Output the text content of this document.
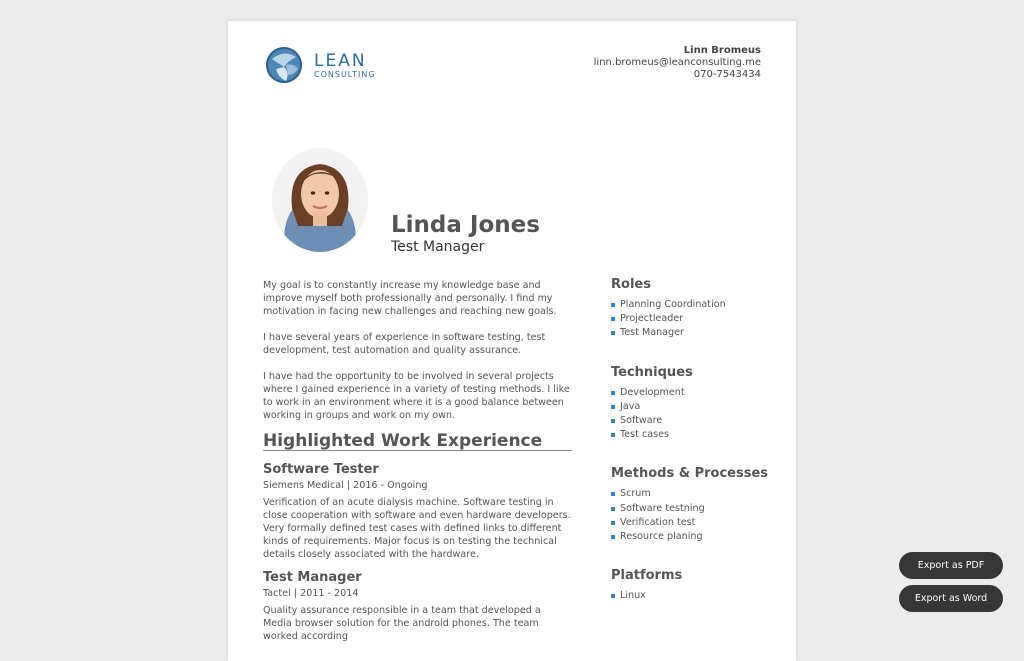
LEAN
CONSULTING
Linn Bromeus
linn.bromeus@leanconsulting.me
070-7543434
Linda Jones
Test Manager

My goal is to constantly increase my knowledge base and improve myself both professionally and personally. I find my motivation in facing new challenges and reaching new goals.

I have several years of experience in software testing, test development, test automation and quality assurance.

I have had the opportunity to be involved in several projects where I gained experience in a variety of testing methods. I like to work in an environment where it is a good balance between working in groups and work on my own.

Highlighted Work Experience
Software Tester
Siemens Medical | 2016 - Ongoing
Verification of an acute dialysis machine. Software testing in close cooperation with software and even hardware developers. Very formally defined test cases with defined links to different kinds of requirements. Major focus is on testing the technical details closely associated with the hardware.
Test Manager
Tactel | 2011 - 2014
Quality assurance responsible in a team that developed a Media browser solution for the android phones. The team worked according
Roles
Planning Coordination
Projectleader
Test Manager
Techniques
Development
Java
Software
Test cases
Methods & Processes
Scrum
Software testning
Verification test
Resource planing
Platforms
Linux
Export as PDF
Export as Word
